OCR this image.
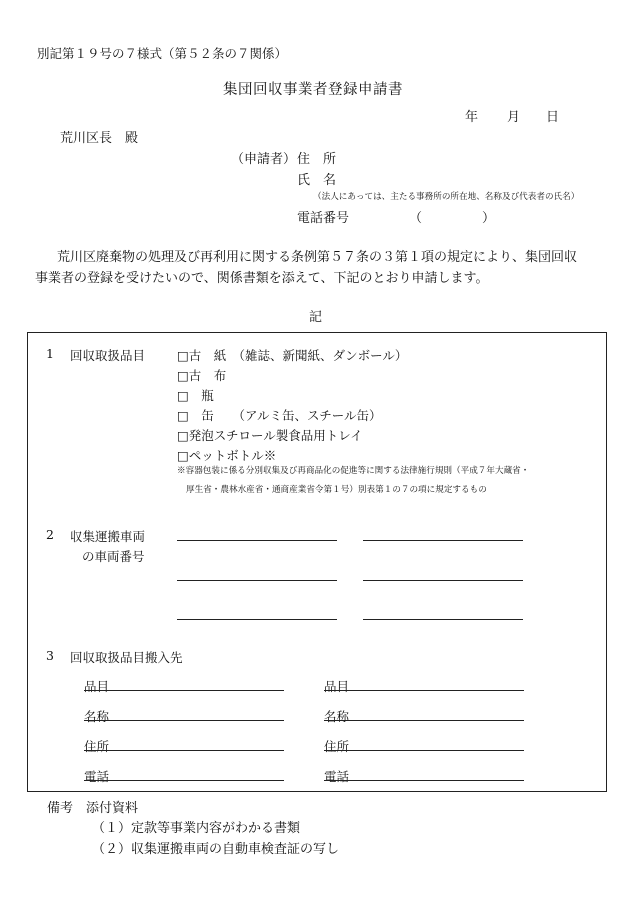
別記第１９号の７様式（第５２条の７関係）
集団回収事業者登録申請書
年 月 日
荒川区長　殿
（申請者） 住　所
氏　名
（法人にあっては、主たる事務所の所在地、名称及び代表者の氏名）
電話番号	（	）
荒川区廃棄物の処理及び再利用に関する条例第５７条の３第１項の規定により、集団回収
事業者の登録を受けたいので、関係書類を添えて、下記のとおり申請します。
記
1 回収取扱品目	□古　紙　（雑誌、新聞紙、ダンボール）
□古　布
□　瓶
□　缶　　（アルミ缶、スチール缶）
□発泡スチロール製食品用トレイ
□ペットボトル※
※容器包装に係る分別収集及び再商品化の促進等に関する法律施行規則（平成７年大蔵省・
厚生省・農林水産省・通商産業省令第１号）別表第１の７の項に規定するもの
2 収集運搬車両
の車両番号
3 回収取扱品目搬入先
品目
名称
住所
電話
品目
名称
住所
電話
備考　添付資料
（１）定款等事業内容がわかる書類
（２）収集運搬車両の自動車検査証の写し
